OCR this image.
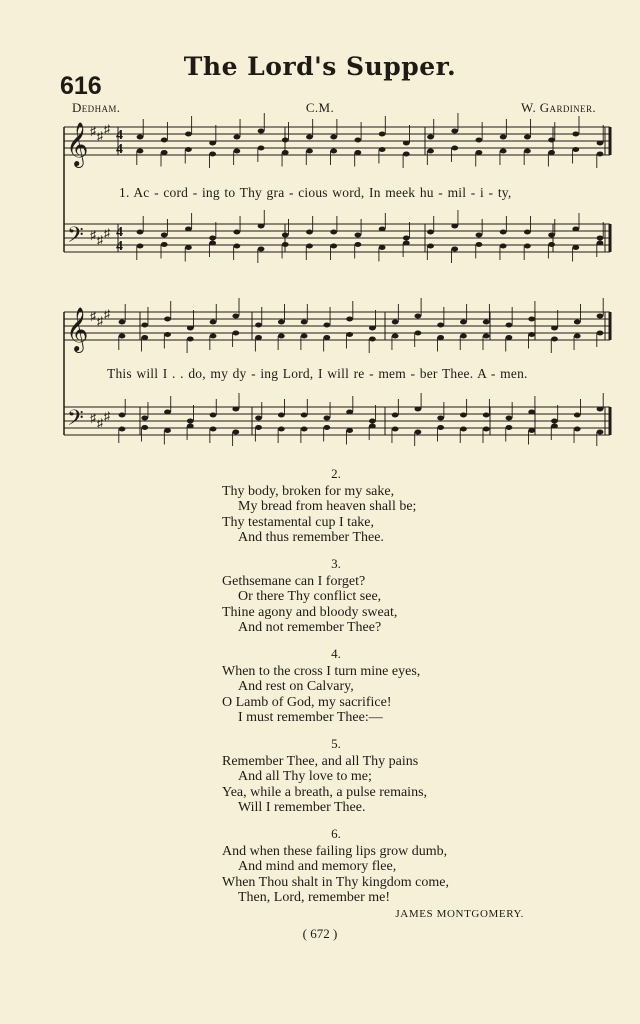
The Lord's Supper.
616
Dedham.	C.M.	W. Gardiner.
𝄞
𝄢
♯
♯
♯
♯
♯
♯
4
4
4
4
𝄞
𝄢
♯
♯
♯
♯
♯
♯
1. Ac - cord - ing to Thy gra - cious word, In meek hu - mil - i - ty,
This will I . . do, my dy - ing Lord, I will re - mem - ber Thee. A - men.
2.
Thy body, broken for my sake,
My bread from heaven shall be;
Thy testamental cup I take,
And thus remember Thee.
3.
Gethsemane can I forget?
Or there Thy conflict see,
Thine agony and bloody sweat,
And not remember Thee?
4.
When to the cross I turn mine eyes,
And rest on Calvary,
O Lamb of God, my sacrifice!
I must remember Thee:—
5.
Remember Thee, and all Thy pains
And all Thy love to me;
Yea, while a breath, a pulse remains,
Will I remember Thee.
6.
And when these failing lips grow dumb,
And mind and memory flee,
When Thou shalt in Thy kingdom come,
Then, Lord, remember me!
JAMES MONTGOMERY.
( 672 )
